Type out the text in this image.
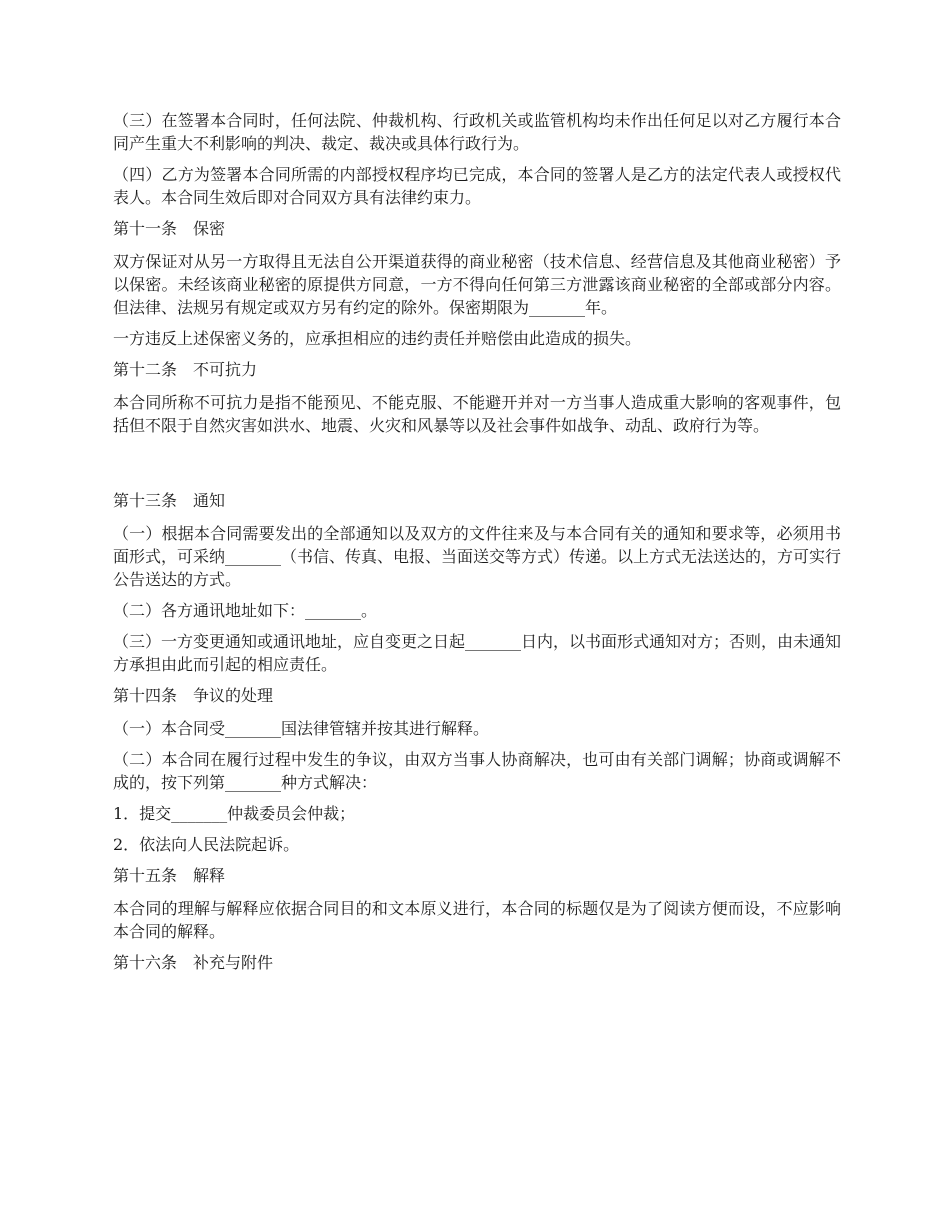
（三）在签署本合同时，任何法院、仲裁机构、行政机关或监管机构均未作出任何足以对乙方履行本合同产生重大不利影响的判决、裁定、裁决或具体行政行为。

（四）乙方为签署本合同所需的内部授权程序均已完成，本合同的签署人是乙方的法定代表人或授权代表人。本合同生效后即对合同双方具有法律约束力。

第十一条　保密

双方保证对从另一方取得且无法自公开渠道获得的商业秘密（技术信息、经营信息及其他商业秘密）予以保密。未经该商业秘密的原提供方同意，一方不得向任何第三方泄露该商业秘密的全部或部分内容。但法律、法规另有规定或双方另有约定的除外。保密期限为_______年。

一方违反上述保密义务的，应承担相应的违约责任并赔偿由此造成的损失。

第十二条　不可抗力

本合同所称不可抗力是指不能预见、不能克服、不能避开并对一方当事人造成重大影响的客观事件，包括但不限于自然灾害如洪水、地震、火灾和风暴等以及社会事件如战争、动乱、政府行为等。

第十三条　通知

（一）根据本合同需要发出的全部通知以及双方的文件往来及与本合同有关的通知和要求等，必须用书面形式，可采纳_______（书信、传真、电报、当面送交等方式）传递。以上方式无法送达的，方可实行公告送达的方式。

（二）各方通讯地址如下：_______。

（三）一方变更通知或通讯地址，应自变更之日起_______日内，以书面形式通知对方；否则，由未通知方承担由此而引起的相应责任。

第十四条　争议的处理

（一）本合同受_______国法律管辖并按其进行解释。

（二）本合同在履行过程中发生的争议，由双方当事人协商解决，也可由有关部门调解；协商或调解不成的，按下列第_______种方式解决：

1．提交_______仲裁委员会仲裁；

2．依法向人民法院起诉。

第十五条　解释

本合同的理解与解释应依据合同目的和文本原义进行，本合同的标题仅是为了阅读方便而设，不应影响本合同的解释。

第十六条　补充与附件
